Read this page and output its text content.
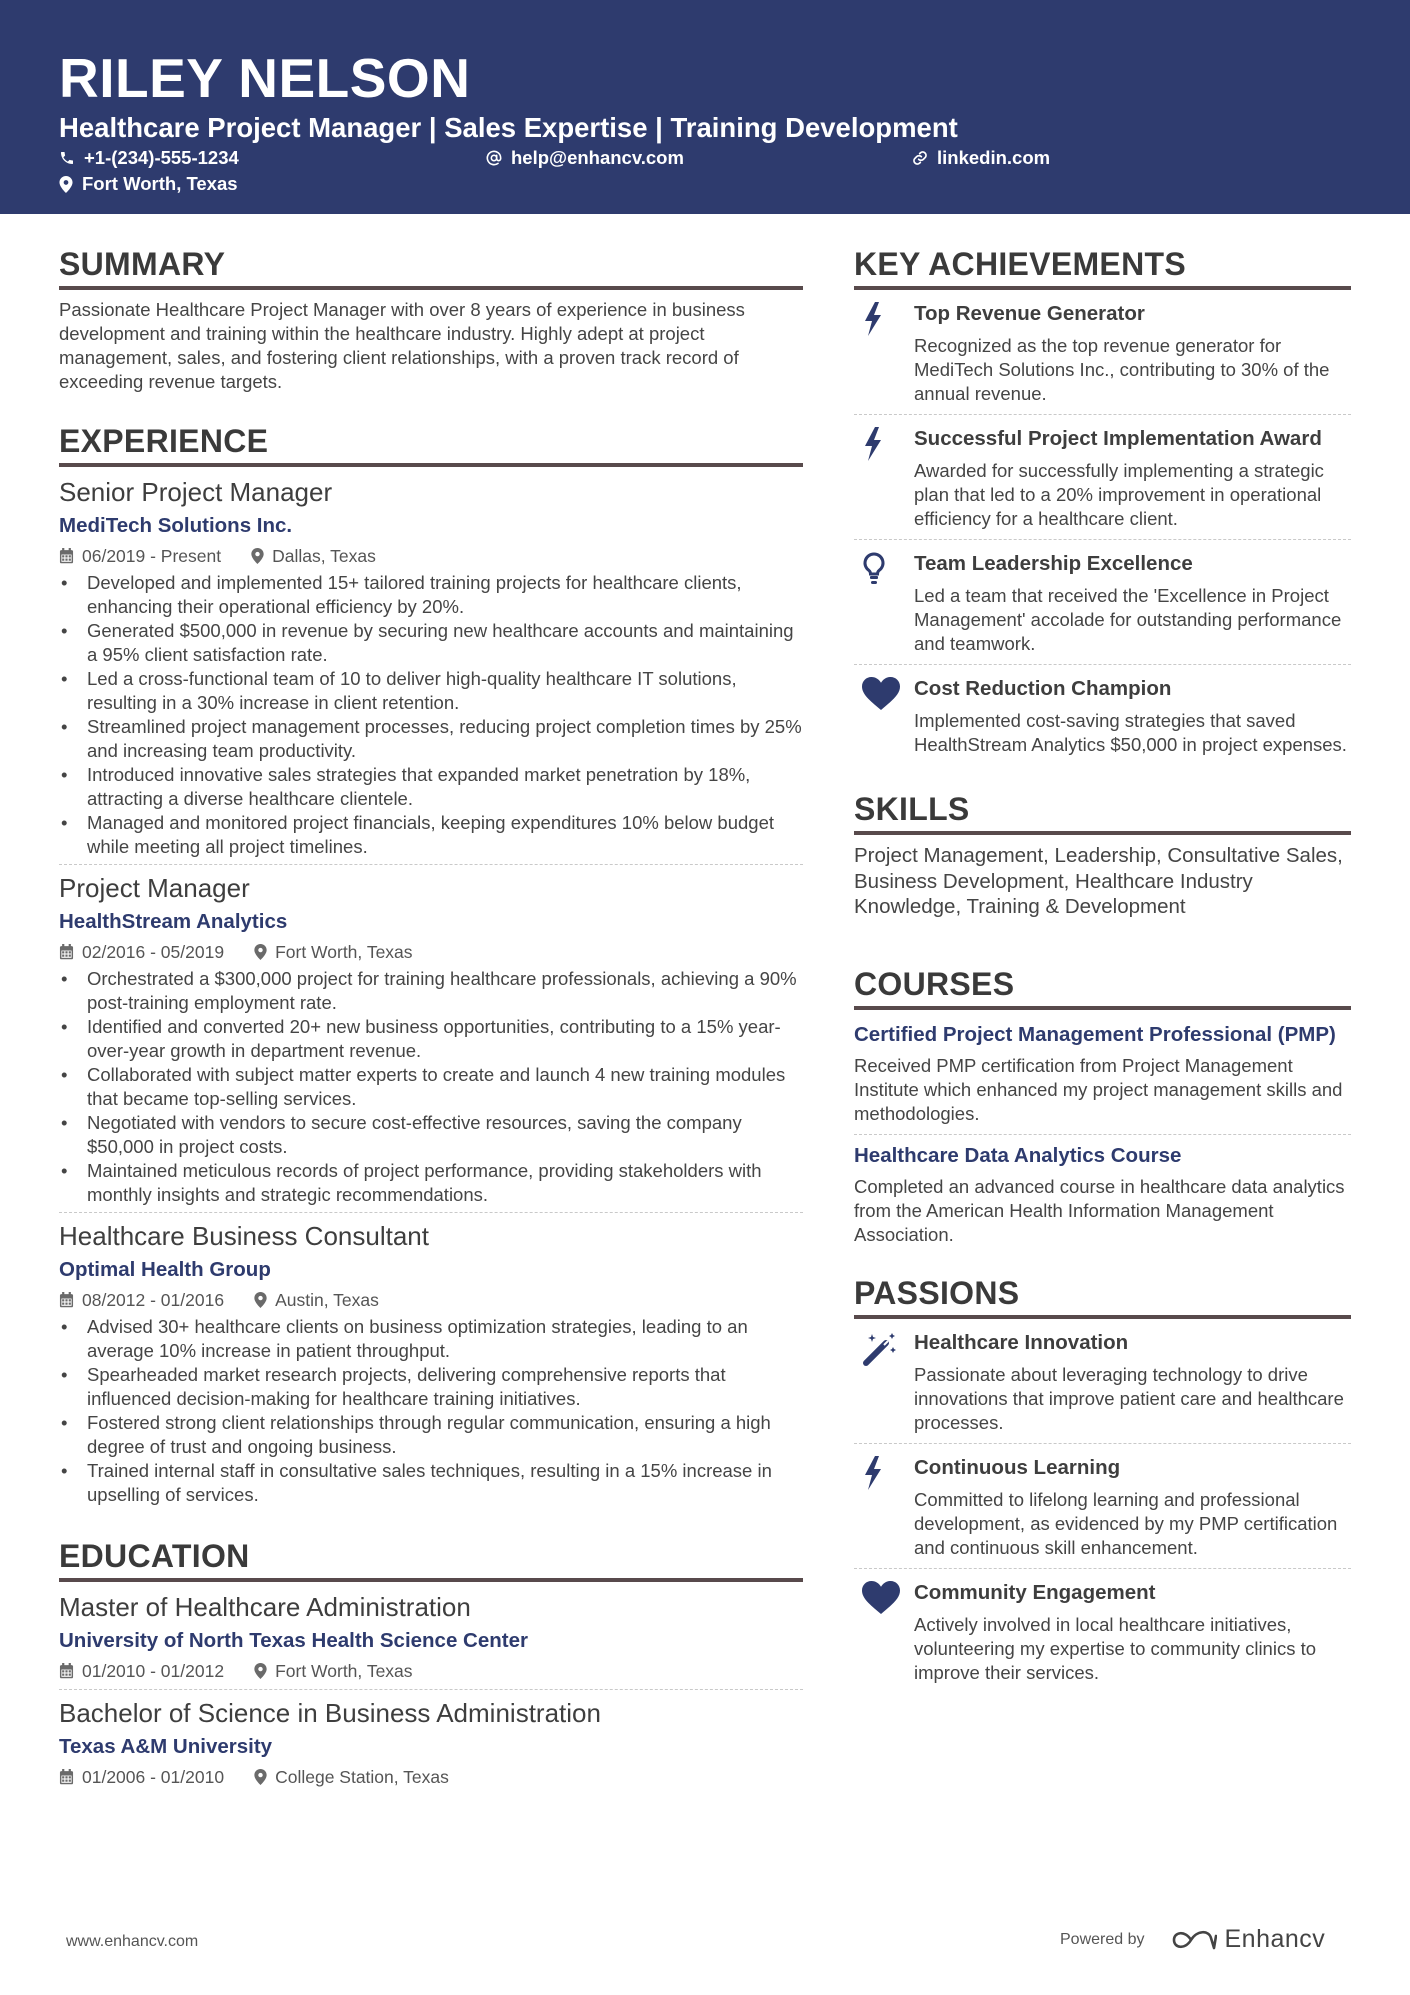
RILEY NELSON
Healthcare Project Manager | Sales Expertise | Training Development
+1-(234)-555-1234	help@enhancv.com	linkedin.com
Fort Worth, Texas
SUMMARY

Passionate Healthcare Project Manager with over 8 years of experience in business development and training within the healthcare industry. Highly adept at project management, sales, and fostering client relationships, with a proven track record of exceeding revenue targets.

EXPERIENCE
Senior Project Manager
MediTech Solutions Inc.
06/2019 - Present	Dallas, Texas
• Developed and implemented 15+ tailored training projects for healthcare clients, enhancing their operational efficiency by 20%.
• Generated $500,000 in revenue by securing new healthcare accounts and maintaining a 95% client satisfaction rate.
• Led a cross-functional team of 10 to deliver high-quality healthcare IT solutions, resulting in a 30% increase in client retention.
• Streamlined project management processes, reducing project completion times by 25% and increasing team productivity.
• Introduced innovative sales strategies that expanded market penetration by 18%, attracting a diverse healthcare clientele.
• Managed and monitored project financials, keeping expenditures 10% below budget while meeting all project timelines.
Project Manager
HealthStream Analytics
02/2016 - 05/2019	Fort Worth, Texas
• Orchestrated a $300,000 project for training healthcare professionals, achieving a 90% post-training employment rate.
• Identified and converted 20+ new business opportunities, contributing to a 15% year-over-year growth in department revenue.
• Collaborated with subject matter experts to create and launch 4 new training modules that became top-selling services.
• Negotiated with vendors to secure cost-effective resources, saving the company $50,000 in project costs.
• Maintained meticulous records of project performance, providing stakeholders with monthly insights and strategic recommendations.
Healthcare Business Consultant
Optimal Health Group
08/2012 - 01/2016	Austin, Texas
• Advised 30+ healthcare clients on business optimization strategies, leading to an average 10% increase in patient throughput.
• Spearheaded market research projects, delivering comprehensive reports that influenced decision-making for healthcare training initiatives.
• Fostered strong client relationships through regular communication, ensuring a high degree of trust and ongoing business.
• Trained internal staff in consultative sales techniques, resulting in a 15% increase in upselling of services.
EDUCATION
Master of Healthcare Administration
University of North Texas Health Science Center
01/2010 - 01/2012	Fort Worth, Texas
Bachelor of Science in Business Administration
Texas A&M University
01/2006 - 01/2010	College Station, Texas
KEY ACHIEVEMENTS
Top Revenue Generator
Recognized as the top revenue generator for MediTech Solutions Inc., contributing to 30% of the annual revenue.
Successful Project Implementation Award
Awarded for successfully implementing a strategic plan that led to a 20% improvement in operational efficiency for a healthcare client.
Team Leadership Excellence
Led a team that received the 'Excellence in Project Management' accolade for outstanding performance and teamwork.
Cost Reduction Champion
Implemented cost-saving strategies that saved HealthStream Analytics $50,000 in project expenses.
SKILLS

Project Management, Leadership, Consultative Sales, Business Development, Healthcare Industry Knowledge, Training & Development

COURSES
Certified Project Management Professional (PMP)
Received PMP certification from Project Management Institute which enhanced my project management skills and methodologies.
Healthcare Data Analytics Course
Completed an advanced course in healthcare data analytics from the American Health Information Management Association.
PASSIONS
Healthcare Innovation
Passionate about leveraging technology to drive innovations that improve patient care and healthcare processes.
Continuous Learning
Committed to lifelong learning and professional development, as evidenced by my PMP certification and continuous skill enhancement.
Community Engagement
Actively involved in local healthcare initiatives, volunteering my expertise to community clinics to improve their services.
www.enhancv.com	Powered by	Enhancv
